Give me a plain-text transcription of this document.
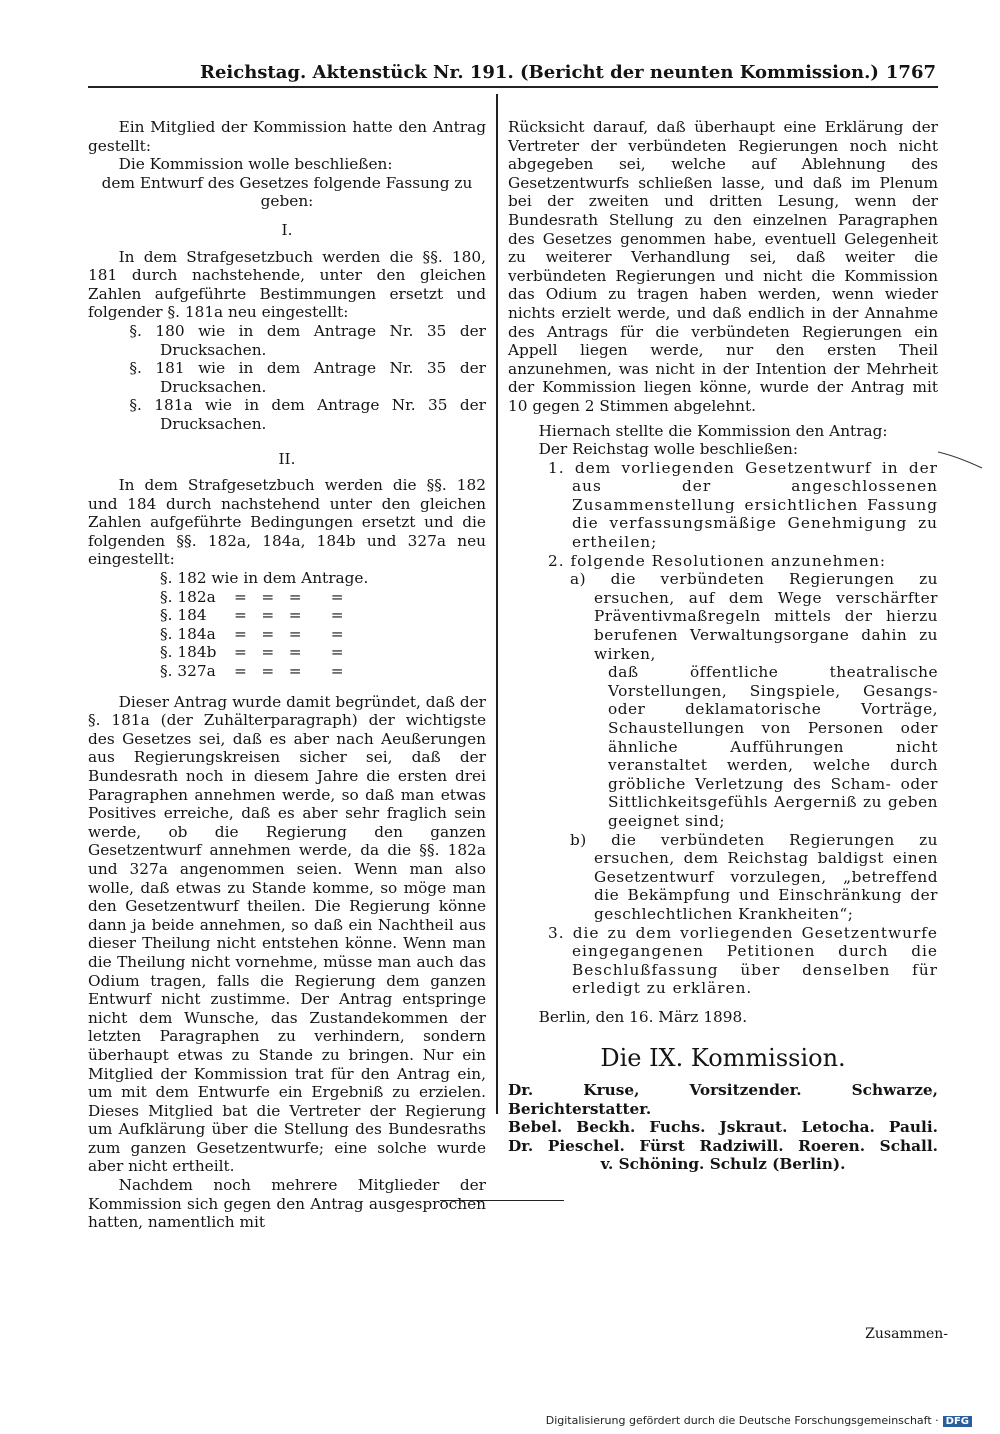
Reichstag. Aktenstück Nr. 191. (Bericht der neunten Kommission.) 1767

Ein Mitglied der Kommission hatte den Antrag gestellt:

Die Kommission wolle beschließen:

dem Entwurf des Gesetzes folgende Fassung zu geben:

I.

In dem Strafgesetzbuch werden die §§. 180, 181 durch nachstehende, unter den gleichen Zahlen aufgeführte Bestimmungen ersetzt und folgender §. 181a neu eingestellt:

§. 180 wie in dem Antrage Nr. 35 der Drucksachen.

§. 181 wie in dem Antrage Nr. 35 der Drucksachen.

§. 181a wie in dem Antrage Nr. 35 der Drucksachen.

II.

In dem Strafgesetzbuch werden die §§. 182 und 184 durch nachstehend unter den gleichen Zahlen aufgeführte Bedingungen ersetzt und die folgenden §§. 182a, 184a, 184b und 327a neu eingestellt:

§. 182 wie in dem Antrage.
§. 182a	=   =   =      =
§. 184	=   =   =      =
§. 184a	=   =   =      =
§. 184b	=   =   =      =
§. 327a	=   =   =      =

Dieser Antrag wurde damit begründet, daß der §. 181a (der Zuhälterparagraph) der wichtigste des Gesetzes sei, daß es aber nach Aeußerungen aus Regierungskreisen sicher sei, daß der Bundesrath noch in diesem Jahre die ersten drei Paragraphen annehmen werde, so daß man etwas Positives erreiche, daß es aber sehr fraglich sein werde, ob die Regierung den ganzen Gesetzentwurf annehmen werde, da die §§. 182a und 327a angenommen seien. Wenn man also wolle, daß etwas zu Stande komme, so möge man den Gesetzentwurf theilen. Die Regierung könne dann ja beide annehmen, so daß ein Nachtheil aus dieser Theilung nicht entstehen könne. Wenn man die Theilung nicht vornehme, müsse man auch das Odium tragen, falls die Regierung dem ganzen Entwurf nicht zustimme. Der Antrag entspringe nicht dem Wunsche, das Zustandekommen der letzten Paragraphen zu verhindern, sondern überhaupt etwas zu Stande zu bringen. Nur ein Mitglied der Kommission trat für den Antrag ein, um mit dem Entwurfe ein Ergebniß zu erzielen. Dieses Mitglied bat die Vertreter der Regierung um Aufklärung über die Stellung des Bundesraths zum ganzen Gesetzentwurfe; eine solche wurde aber nicht ertheilt.

Nachdem noch mehrere Mitglieder der Kommission sich gegen den Antrag ausgesprochen hatten, namentlich mit

Rücksicht darauf, daß überhaupt eine Erklärung der Vertreter der verbündeten Regierungen noch nicht abgegeben sei, welche auf Ablehnung des Gesetzentwurfs schließen lasse, und daß im Plenum bei der zweiten und dritten Lesung, wenn der Bundesrath Stellung zu den einzelnen Paragraphen des Gesetzes genommen habe, eventuell Gelegenheit zu weiterer Verhandlung sei, daß weiter die verbündeten Regierungen und nicht die Kommission das Odium zu tragen haben werden, wenn wieder nichts erzielt werde, und daß endlich in der Annahme des Antrags für die verbündeten Regierungen ein Appell liegen werde, nur den ersten Theil anzunehmen, was nicht in der Intention der Mehrheit der Kommission liegen könne, wurde der Antrag mit 10 gegen 2 Stimmen abgelehnt.

Hiernach stellte die Kommission den Antrag:

Der Reichstag wolle beschließen:

1. dem vorliegenden Gesetzentwurf in der aus der angeschlossenen Zusammenstellung ersichtlichen Fassung die verfassungsmäßige Genehmigung zu ertheilen;

2. folgende Resolutionen anzunehmen:

a) die verbündeten Regierungen zu ersuchen, auf dem Wege verschärfter Präventivmaßregeln mittels der hierzu berufenen Verwaltungsorgane dahin zu wirken,

daß öffentliche theatralische Vorstellungen, Singspiele, Gesangs- oder deklamatorische Vorträge, Schaustellungen von Personen oder ähnliche Aufführungen nicht veranstaltet werden, welche durch gröbliche Verletzung des Scham- oder Sittlichkeitsgefühls Aergerniß zu geben geeignet sind;

b) die verbündeten Regierungen zu ersuchen, dem Reichstag baldigst einen Gesetzentwurf vorzulegen, „betreffend die Bekämpfung und Einschränkung der geschlechtlichen Krankheiten“;

3. die zu dem vorliegenden Gesetzentwurfe eingegangenen Petitionen durch die Beschlußfassung über denselben für erledigt zu erklären.

Berlin, den 16. März 1898.

Die IX. Kommission.

Dr. Kruse, Vorsitzender. Schwarze, Berichterstatter.

Bebel. Beckh. Fuchs. Jskraut. Letocha. Pauli.

Dr. Pieschel. Fürst Radziwill. Roeren. Schall.

v. Schöning. Schulz (Berlin).

Zusammen-
Digitalisierung gefördert durch die Deutsche Forschungsgemeinschaft · DFG
